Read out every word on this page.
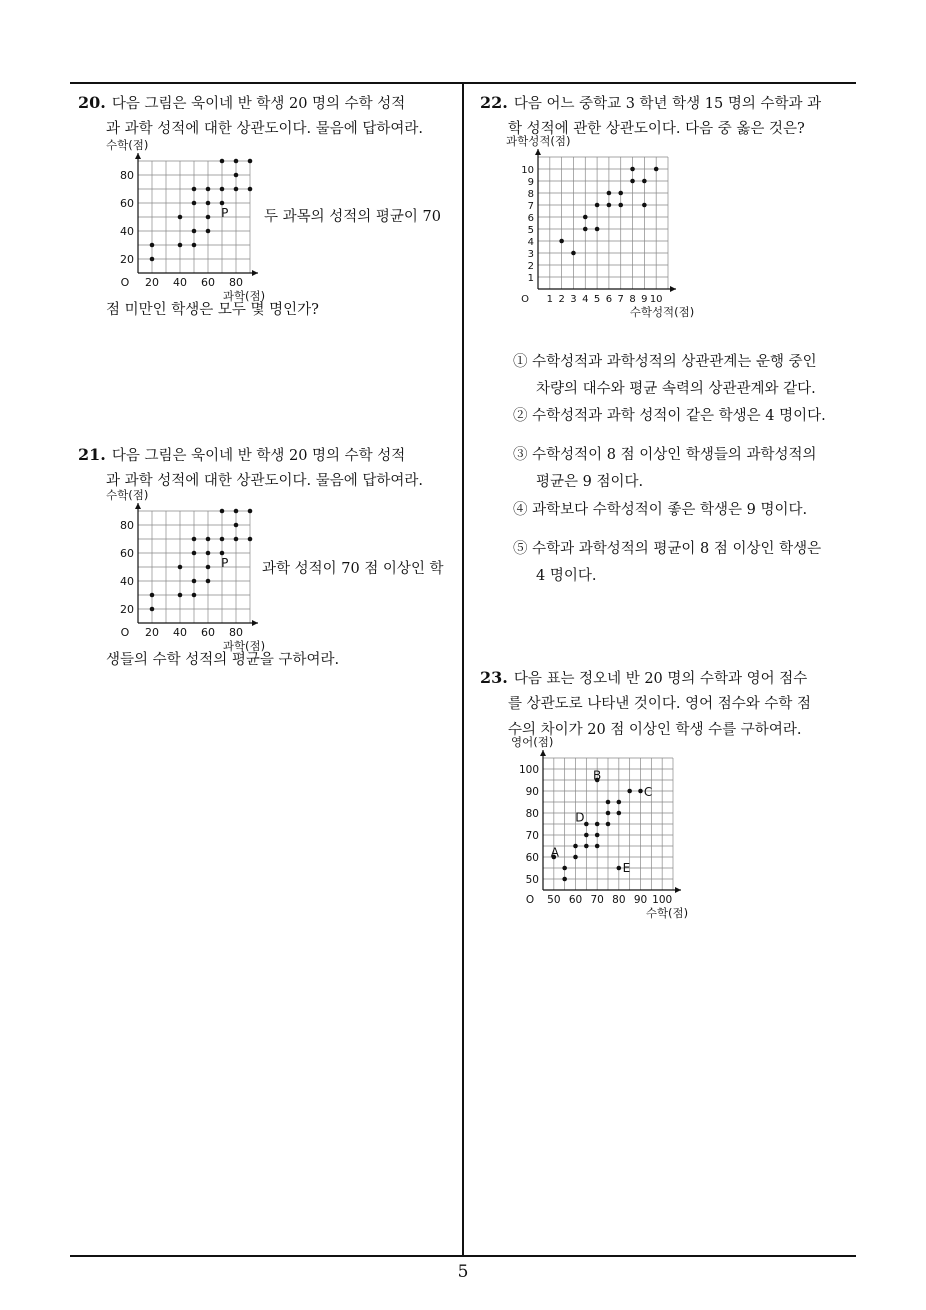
20. 다음 그림은 욱이네 반 학생 20 명의 수학 성적
과 과학 성적에 대한 상관도이다. 물음에 답하여라.
20 40 60 80
20
40
60
80
O
수학(점)
과학(점)
P 두 과목의 성적의 평균이 70
점 미만인 학생은 모두 몇 명인가?
21. 다음 그림은 욱이네 반 학생 20 명의 수학 성적
과 과학 성적에 대한 상관도이다. 물음에 답하여라.
20 40 60 80
20
40
60
80
O
수학(점)
과학(점)
P 과학 성적이 70 점 이상인 학
생들의 수학 성적의 평균을 구하여라.
22. 다음 어느 중학교 3 학년 학생 15 명의 수학과 과
학 성적에 관한 상관도이다. 다음 중 옳은 것은?
1 2 3 4 5 6 7 8 9 10
1
2
3
4
5
6
7
8
9
10
O
과학성적(점)
수학성적(점)
① 수학성적과 과학성적의 상관관계는 운행 중인
차량의 대수와 평균 속력의 상관관계와 같다.
② 수학성적과 과학 성적이 같은 학생은 4 명이다.
③ 수학성적이 8 점 이상인 학생들의 과학성적의
평균은 9 점이다.
④ 과학보다 수학성적이 좋은 학생은 9 명이다.
⑤ 수학과 과학성적의 평균이 8 점 이상인 학생은
4 명이다.
23. 다음 표는 정오네 반 20 명의 수학과 영어 점수
를 상관도로 나타낸 것이다. 영어 점수와 수학 점
수의 차이가 20 점 이상인 학생 수를 구하여라.
50 60 70 80 90 100
50
60
70
80
90
100
O
영어(점)
수학(점)
A
B
C
D
E
5
